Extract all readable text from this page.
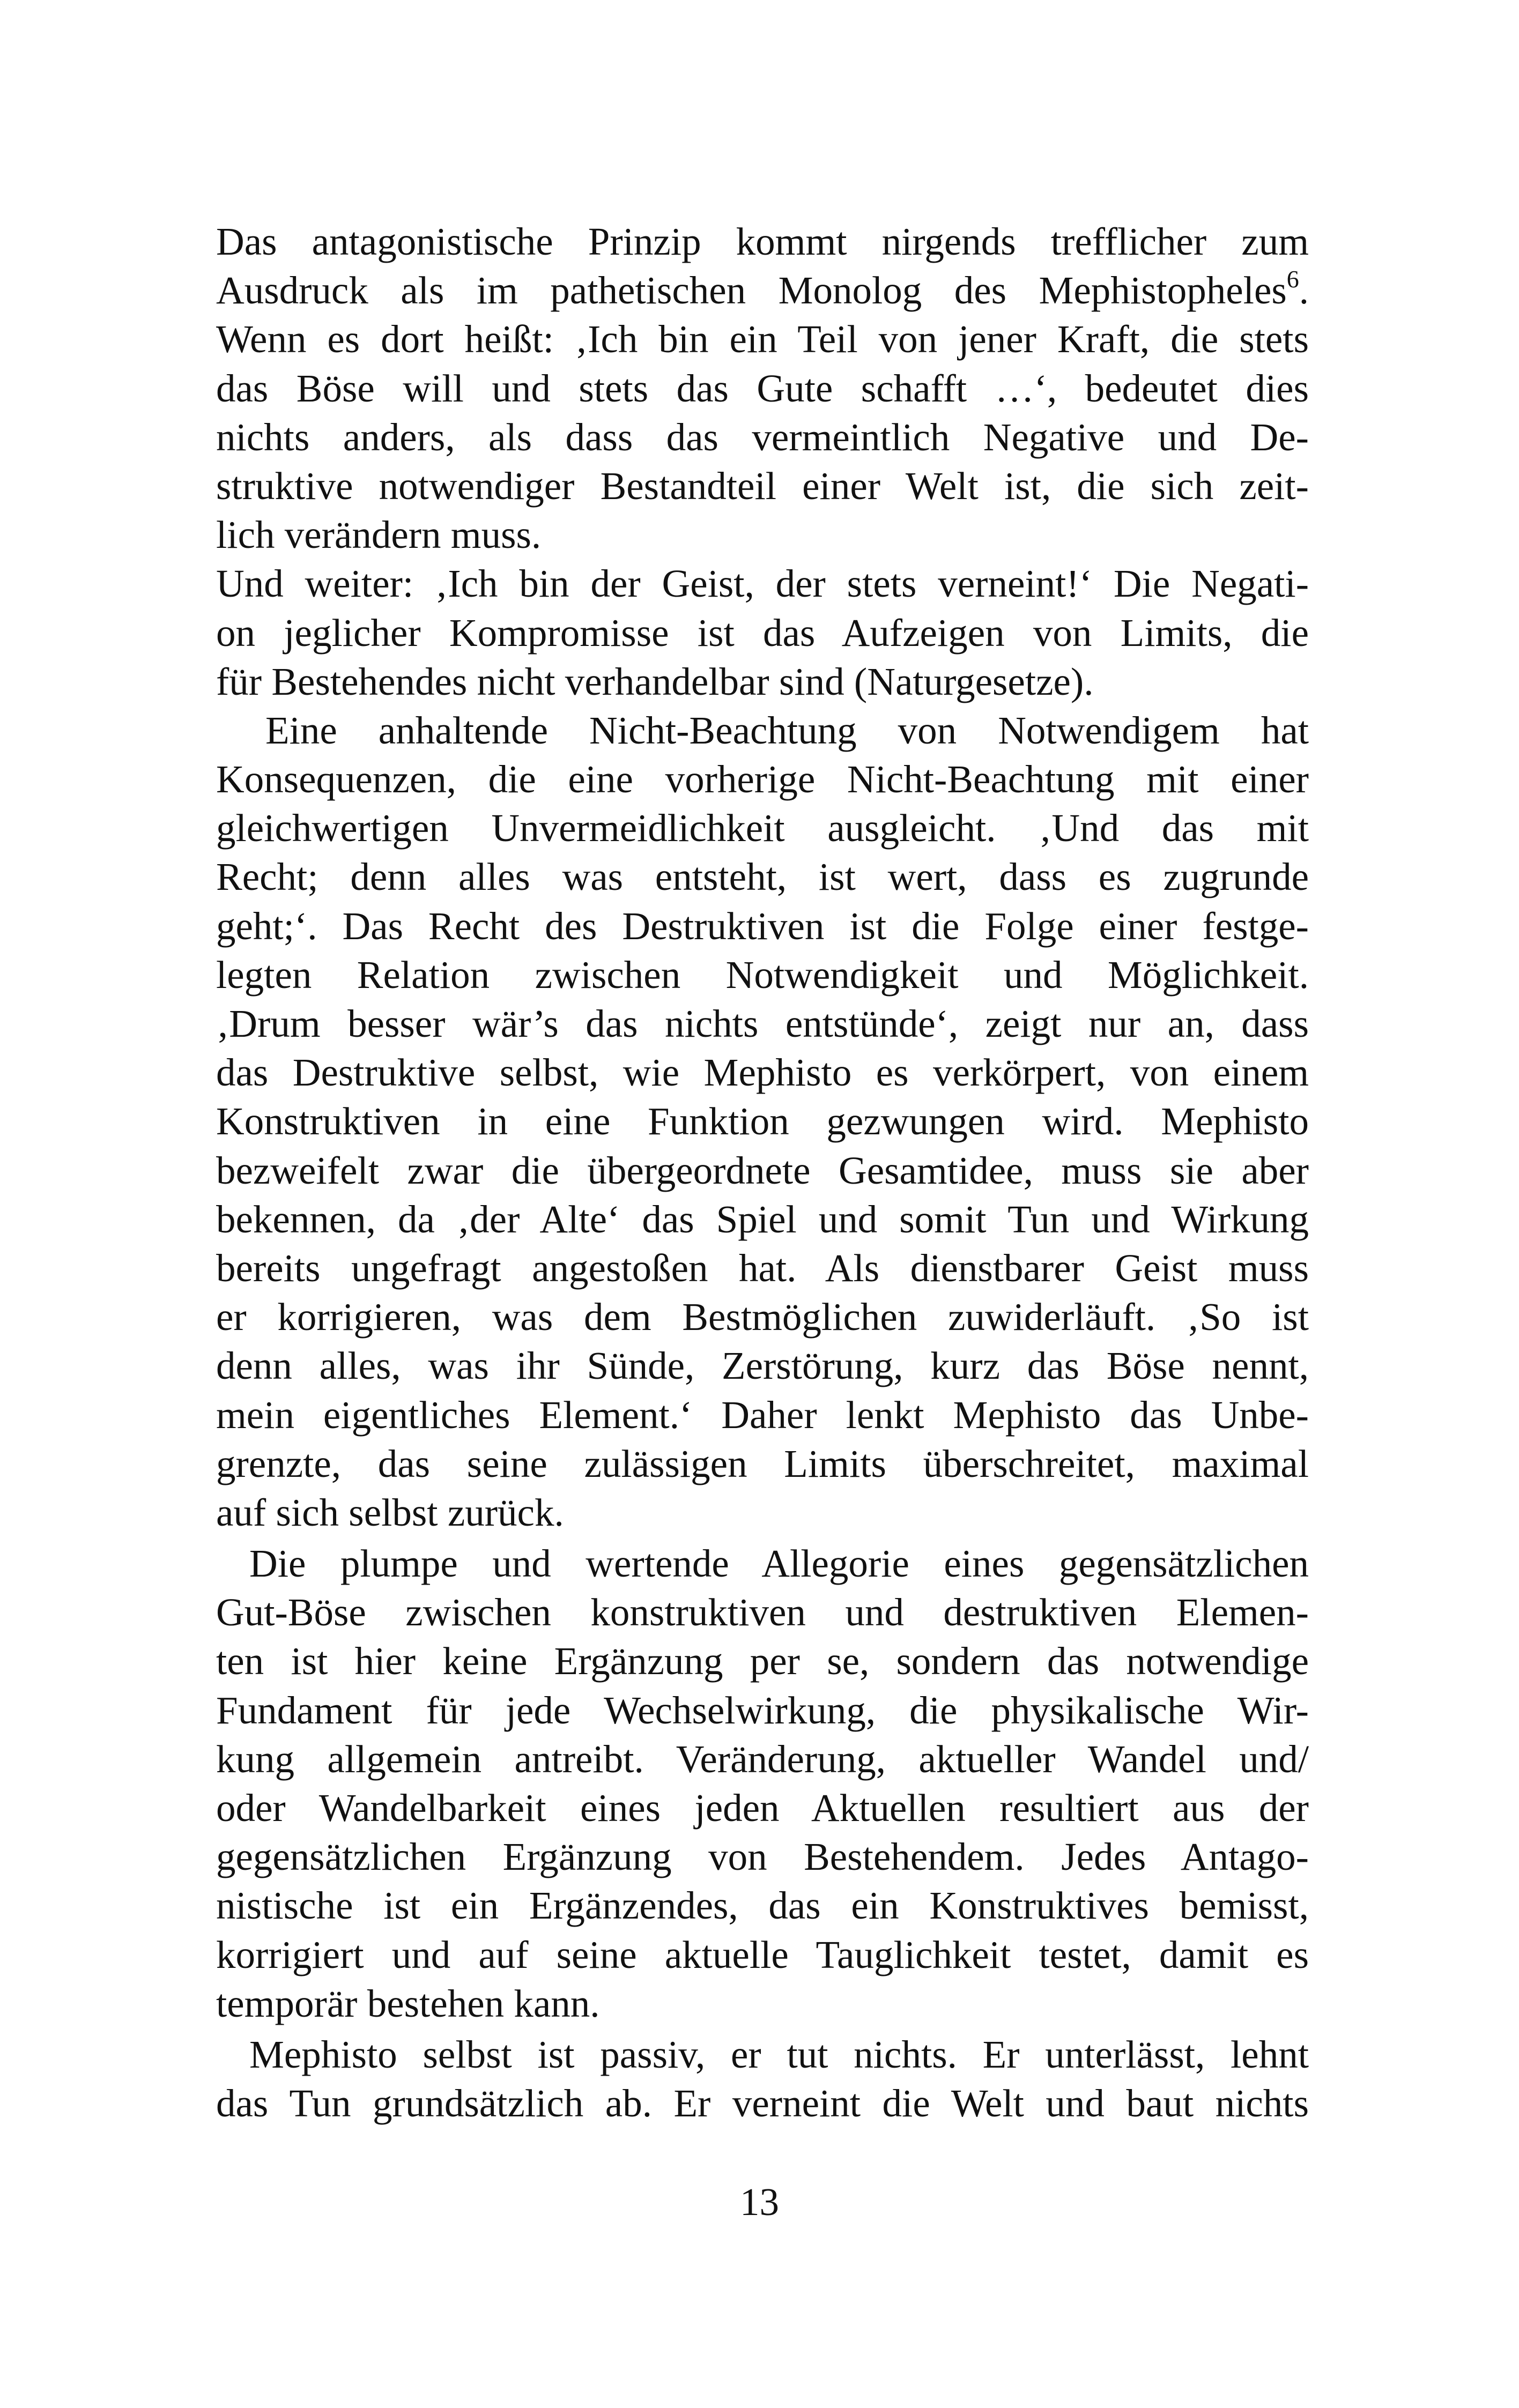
Das antagonistische Prinzip kommt nirgends trefflicher zum
Ausdruck als im pathetischen Monolog des Mephistopheles$^6$.
Wenn es dort heißt: ‚Ich bin ein Teil von jener Kraft, die stets
das Böse will und stets das Gute schafft …‘, bedeutet dies
nichts anders, als dass das vermeintlich Negative und De-
struktive notwendiger Bestandteil einer Welt ist, die sich zeit-
lich verändern muss.
Und weiter: ‚Ich bin der Geist, der stets verneint!‘ Die Negati-
on jeglicher Kompromisse ist das Aufzeigen von Limits, die
für Bestehendes nicht verhandelbar sind (Naturgesetze).
Eine anhaltende Nicht-Beachtung von Notwendigem hat
Konsequenzen, die eine vorherige Nicht-Beachtung mit einer
gleichwertigen Unvermeidlichkeit ausgleicht. ‚Und das mit
Recht; denn alles was entsteht, ist wert, dass es zugrunde
geht;‘. Das Recht des Destruktiven ist die Folge einer festge-
legten Relation zwischen Notwendigkeit und Möglichkeit.
‚Drum besser wär’s das nichts entstünde‘, zeigt nur an, dass
das Destruktive selbst, wie Mephisto es verkörpert, von einem
Konstruktiven in eine Funktion gezwungen wird. Mephisto
bezweifelt zwar die übergeordnete Gesamtidee, muss sie aber
bekennen, da ‚der Alte‘ das Spiel und somit Tun und Wirkung
bereits ungefragt angestoßen hat. Als dienstbarer Geist muss
er korrigieren, was dem Bestmöglichen zuwiderläuft. ‚So ist
denn alles, was ihr Sünde, Zerstörung, kurz das Böse nennt,
mein eigentliches Element.‘ Daher lenkt Mephisto das Unbe-
grenzte, das seine zulässigen Limits überschreitet, maximal
auf sich selbst zurück.
Die plumpe und wertende Allegorie eines gegensätzlichen
Gut-Böse zwischen konstruktiven und destruktiven Elemen-
ten ist hier keine Ergänzung per se, sondern das notwendige
Fundament für jede Wechselwirkung, die physikalische Wir-
kung allgemein antreibt. Veränderung, aktueller Wandel und/
oder Wandelbarkeit eines jeden Aktuellen resultiert aus der
gegensätzlichen Ergänzung von Bestehendem. Jedes Antago-
nistische ist ein Ergänzendes, das ein Konstruktives bemisst,
korrigiert und auf seine aktuelle Tauglichkeit testet, damit es
temporär bestehen kann.
Mephisto selbst ist passiv, er tut nichts. Er unterlässt, lehnt
das Tun grundsätzlich ab. Er verneint die Welt und baut nichts
13
